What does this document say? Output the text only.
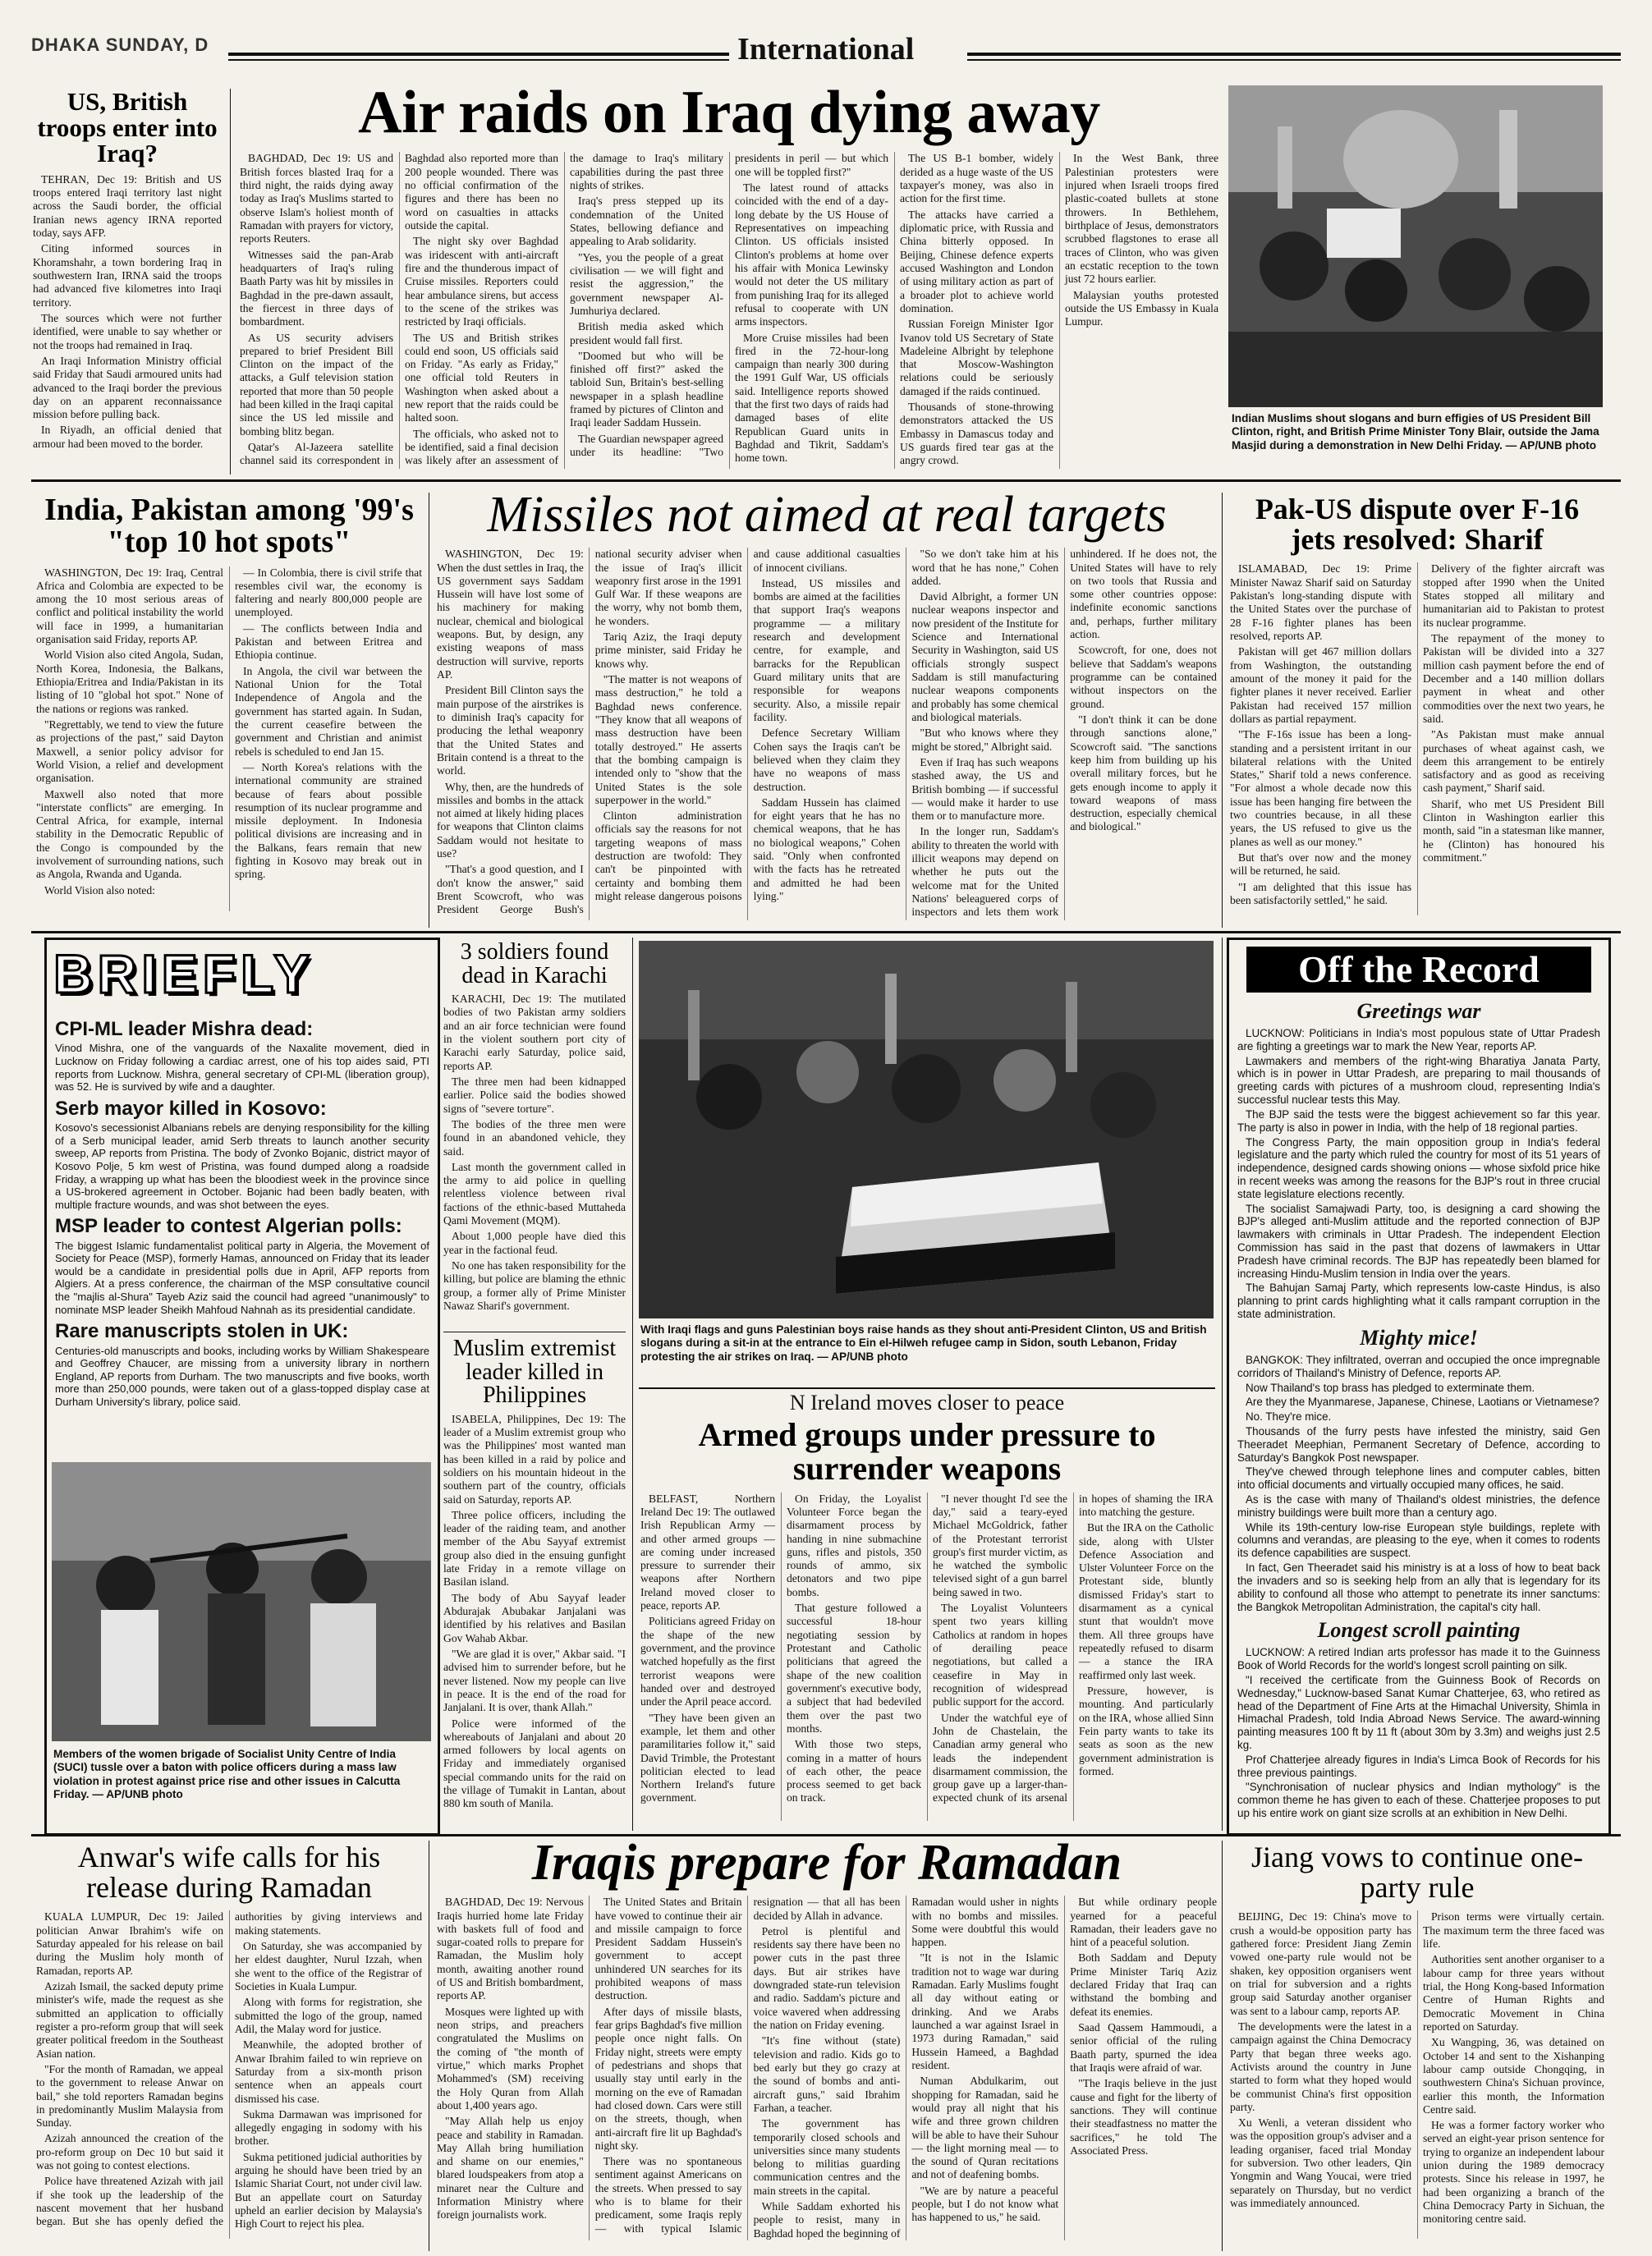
DHAKA SUNDAY, D	International
US, British troops enter into Iraq?

TEHRAN, Dec 19: British and US troops entered Iraqi territory last night across the Saudi border, the official Iranian news agency IRNA reported today, says AFP.

Citing informed sources in Khoramshahr, a town bordering Iraq in southwestern Iran, IRNA said the troops had advanced five kilometres into Iraqi territory.

The sources which were not further identified, were unable to say whether or not the troops had remained in Iraq.

An Iraqi Information Ministry official said Friday that Saudi armoured units had advanced to the Iraqi border the previous day on an apparent reconnaissance mission before pulling back.

In Riyadh, an official denied that armour had been moved to the border.

Air raids on Iraq dying away

BAGHDAD, Dec 19: US and British forces blasted Iraq for a third night, the raids dying away today as Iraq's Muslims started to observe Islam's holiest month of Ramadan with prayers for victory, reports Reuters.

Witnesses said the pan-Arab headquarters of Iraq's ruling Baath Party was hit by missiles in Baghdad in the pre-dawn assault, the fiercest in three days of bombardment.

As US security advisers prepared to brief President Bill Clinton on the impact of the attacks, a Gulf television station reported that more than 50 people had been killed in the Iraqi capital since the US led missile and bombing blitz began.

Qatar's Al-Jazeera satellite channel said its correspondent in Baghdad also reported more than 200 people wounded. There was no official confirmation of the figures and there has been no word on casualties in attacks outside the capital.

The night sky over Baghdad was iridescent with anti-aircraft fire and the thunderous impact of Cruise missiles. Reporters could hear ambulance sirens, but access to the scene of the strikes was restricted by Iraqi officials.

The US and British strikes could end soon, US officials said on Friday. "As early as Friday," one official told Reuters in Washington when asked about a new report that the raids could be halted soon.

The officials, who asked not to be identified, said a final decision was likely after an assessment of the damage to Iraq's military capabilities during the past three nights of strikes.

Iraq's press stepped up its condemnation of the United States, bellowing defiance and appealing to Arab solidarity.

"Yes, you the people of a great civilisation — we will fight and resist the aggression," the government newspaper Al-Jumhuriya declared.

British media asked which president would fall first.

"Doomed but who will be finished off first?" asked the tabloid Sun, Britain's best-selling newspaper in a splash headline framed by pictures of Clinton and Iraqi leader Saddam Hussein.

The Guardian newspaper agreed under its headline: "Two presidents in peril — but which one will be toppled first?"

The latest round of attacks coincided with the end of a day-long debate by the US House of Representatives on impeaching Clinton. US officials insisted Clinton's problems at home over his affair with Monica Lewinsky would not deter the US military from punishing Iraq for its alleged refusal to cooperate with UN arms inspectors.

More Cruise missiles had been fired in the 72-hour-long campaign than nearly 300 during the 1991 Gulf War, US officials said. Intelligence reports showed that the first two days of raids had damaged bases of elite Republican Guard units in Baghdad and Tikrit, Saddam's home town.

The US B-1 bomber, widely derided as a huge waste of the US taxpayer's money, was also in action for the first time.

The attacks have carried a diplomatic price, with Russia and China bitterly opposed. In Beijing, Chinese defence experts accused Washington and London of using military action as part of a broader plot to achieve world domination.

Russian Foreign Minister Igor Ivanov told US Secretary of State Madeleine Albright by telephone that Moscow-Washington relations could be seriously damaged if the raids continued.

Thousands of stone-throwing demonstrators attacked the US Embassy in Damascus today and US guards fired tear gas at the angry crowd.

In the West Bank, three Palestinian protesters were injured when Israeli troops fired plastic-coated bullets at stone throwers. In Bethlehem, birthplace of Jesus, demonstrators scrubbed flagstones to erase all traces of Clinton, who was given an ecstatic reception to the town just 72 hours earlier.

Malaysian youths protested outside the US Embassy in Kuala Lumpur.

Indian Muslims shout slogans and burn effigies of US President Bill Clinton, right, and British Prime Minister Tony Blair, outside the Jama Masjid during a demonstration in New Delhi Friday. — AP/UNB photo
India, Pakistan among '99's "top 10 hot spots"

WASHINGTON, Dec 19: Iraq, Central Africa and Colombia are expected to be among the 10 most serious areas of conflict and political instability the world will face in 1999, a humanitarian organisation said Friday, reports AP.

World Vision also cited Angola, Sudan, North Korea, Indonesia, the Balkans, Ethiopia/Eritrea and India/Pakistan in its listing of 10 "global hot spot." None of the nations or regions was ranked.

"Regrettably, we tend to view the future as projections of the past," said Dayton Maxwell, a senior policy advisor for World Vision, a relief and development organisation.

Maxwell also noted that more "interstate conflicts" are emerging. In Central Africa, for example, internal stability in the Democratic Republic of the Congo is compounded by the involvement of surrounding nations, such as Angola, Rwanda and Uganda.

World Vision also noted:

— In Colombia, there is civil strife that resembles civil war, the economy is faltering and nearly 800,000 people are unemployed.

— The conflicts between India and Pakistan and between Eritrea and Ethiopia continue.

In Angola, the civil war between the National Union for the Total Independence of Angola and the government has started again. In Sudan, the current ceasefire between the government and Christian and animist rebels is scheduled to end Jan 15.

— North Korea's relations with the international community are strained because of fears about possible resumption of its nuclear programme and missile deployment. In Indonesia political divisions are increasing and in the Balkans, fears remain that new fighting in Kosovo may break out in spring.

Missiles not aimed at real targets

WASHINGTON, Dec 19: When the dust settles in Iraq, the US government says Saddam Hussein will have lost some of his machinery for making nuclear, chemical and biological weapons. But, by design, any existing weapons of mass destruction will survive, reports AP.

President Bill Clinton says the main purpose of the airstrikes is to diminish Iraq's capacity for producing the lethal weaponry that the United States and Britain contend is a threat to the world.

Why, then, are the hundreds of missiles and bombs in the attack not aimed at likely hiding places for weapons that Clinton claims Saddam would not hesitate to use?

"That's a good question, and I don't know the answer," said Brent Scowcroft, who was President George Bush's national security adviser when the issue of Iraq's illicit weaponry first arose in the 1991 Gulf War. If these weapons are the worry, why not bomb them, he wonders.

Tariq Aziz, the Iraqi deputy prime minister, said Friday he knows why.

"The matter is not weapons of mass destruction," he told a Baghdad news conference. "They know that all weapons of mass destruction have been totally destroyed." He asserts that the bombing campaign is intended only to "show that the United States is the sole superpower in the world."

Clinton administration officials say the reasons for not targeting weapons of mass destruction are twofold: They can't be pinpointed with certainty and bombing them might release dangerous poisons and cause additional casualties of innocent civilians.

Instead, US missiles and bombs are aimed at the facilities that support Iraq's weapons programme — a military research and development centre, for example, and barracks for the Republican Guard military units that are responsible for weapons security. Also, a missile repair facility.

Defence Secretary William Cohen says the Iraqis can't be believed when they claim they have no weapons of mass destruction.

Saddam Hussein has claimed for eight years that he has no chemical weapons, that he has no biological weapons," Cohen said. "Only when confronted with the facts has he retreated and admitted he had been lying."

"So we don't take him at his word that he has none," Cohen added.

David Albright, a former UN nuclear weapons inspector and now president of the Institute for Science and International Security in Washington, said US officials strongly suspect Saddam is still manufacturing nuclear weapons components and probably has some chemical and biological materials.

"But who knows where they might be stored," Albright said.

Even if Iraq has such weapons stashed away, the US and British bombing — if successful — would make it harder to use them or to manufacture more.

In the longer run, Saddam's ability to threaten the world with illicit weapons may depend on whether he puts out the welcome mat for the United Nations' beleaguered corps of inspectors and lets them work unhindered. If he does not, the United States will have to rely on two tools that Russia and some other countries oppose: indefinite economic sanctions and, perhaps, further military action.

Scowcroft, for one, does not believe that Saddam's weapons programme can be contained without inspectors on the ground.

"I don't think it can be done through sanctions alone," Scowcroft said. "The sanctions keep him from building up his overall military forces, but he gets enough income to apply it toward weapons of mass destruction, especially chemical and biological."

Pak-US dispute over F-16 jets resolved: Sharif

ISLAMABAD, Dec 19: Prime Minister Nawaz Sharif said on Saturday Pakistan's long-standing dispute with the United States over the purchase of 28 F-16 fighter planes has been resolved, reports AP.

Pakistan will get 467 million dollars from Washington, the outstanding amount of the money it paid for the fighter planes it never received. Earlier Pakistan had received 157 million dollars as partial repayment.

"The F-16s issue has been a long-standing and a persistent irritant in our bilateral relations with the United States," Sharif told a news conference. "For almost a whole decade now this issue has been hanging fire between the two countries because, in all these years, the US refused to give us the planes as well as our money."

But that's over now and the money will be returned, he said.

"I am delighted that this issue has been satisfactorily settled," he said.

Delivery of the fighter aircraft was stopped after 1990 when the United States stopped all military and humanitarian aid to Pakistan to protest its nuclear programme.

The repayment of the money to Pakistan will be divided into a 327 million cash payment before the end of December and a 140 million dollars payment in wheat and other commodities over the next two years, he said.

"As Pakistan must make annual purchases of wheat against cash, we deem this arrangement to be entirely satisfactory and as good as receiving cash payment," Sharif said.

Sharif, who met US President Bill Clinton in Washington earlier this month, said "in a statesman like manner, he (Clinton) has honoured his commitment."

BRIEFLY
CPI-ML leader Mishra dead:
Vinod Mishra, one of the vanguards of the Naxalite movement, died in Lucknow on Friday following a cardiac arrest, one of his top aides said, PTI reports from Lucknow. Mishra, general secretary of CPI-ML (liberation group), was 52. He is survived by wife and a daughter.
Serb mayor killed in Kosovo:
Kosovo's secessionist Albanians rebels are denying responsibility for the killing of a Serb municipal leader, amid Serb threats to launch another security sweep, AP reports from Pristina. The body of Zvonko Bojanic, district mayor of Kosovo Polje, 5 km west of Pristina, was found dumped along a roadside Friday, a wrapping up what has been the bloodiest week in the province since a US-brokered agreement in October. Bojanic had been badly beaten, with multiple fracture wounds, and was shot between the eyes.
MSP leader to contest Algerian polls:
The biggest Islamic fundamentalist political party in Algeria, the Movement of Society for Peace (MSP), formerly Hamas, announced on Friday that its leader would be a candidate in presidential polls due in April, AFP reports from Algiers. At a press conference, the chairman of the MSP consultative council the "majlis al-Shura" Tayeb Aziz said the council had agreed "unanimously" to nominate MSP leader Sheikh Mahfoud Nahnah as its presidential candidate.
Rare manuscripts stolen in UK:
Centuries-old manuscripts and books, including works by William Shakespeare and Geoffrey Chaucer, are missing from a university library in northern England, AP reports from Durham. The two manuscripts and five books, worth more than 250,000 pounds, were taken out of a glass-topped display case at Durham University's library, police said.
Members of the women brigade of Socialist Unity Centre of India (SUCI) tussle over a baton with police officers during a mass law violation in protest against price rise and other issues in Calcutta Friday. — AP/UNB photo
3 soldiers found dead in Karachi

KARACHI, Dec 19: The mutilated bodies of two Pakistan army soldiers and an air force technician were found in the violent southern port city of Karachi early Saturday, police said, reports AP.

The three men had been kidnapped earlier. Police said the bodies showed signs of "severe torture".

The bodies of the three men were found in an abandoned vehicle, they said.

Last month the government called in the army to aid police in quelling relentless violence between rival factions of the ethnic-based Muttaheda Qami Movement (MQM).

About 1,000 people have died this year in the factional feud.

No one has taken responsibility for the killing, but police are blaming the ethnic group, a former ally of Prime Minister Nawaz Sharif's government.

Muslim extremist leader killed in Philippines

ISABELA, Philippines, Dec 19: The leader of a Muslim extremist group who was the Philippines' most wanted man has been killed in a raid by police and soldiers on his mountain hideout in the southern part of the country, officials said on Saturday, reports AP.

Three police officers, including the leader of the raiding team, and another member of the Abu Sayyaf extremist group also died in the ensuing gunfight late Friday in a remote village on Basilan island.

The body of Abu Sayyaf leader Abdurajak Abubakar Janjalani was identified by his relatives and Basilan Gov Wahab Akbar.

"We are glad it is over," Akbar said. "I advised him to surrender before, but he never listened. Now my people can live in peace. It is the end of the road for Janjalani. It is over, thank Allah."

Police were informed of the whereabouts of Janjalani and about 20 armed followers by local agents on Friday and immediately organised special commando units for the raid on the village of Tumakit in Lantan, about 880 km south of Manila.

With Iraqi flags and guns Palestinian boys raise hands as they shout anti-President Clinton, US and British slogans during a sit-in at the entrance to Ein el-Hilweh refugee camp in Sidon, south Lebanon, Friday protesting the air strikes on Iraq. — AP/UNB photo
N Ireland moves closer to peace
Armed groups under pressure to surrender weapons

BELFAST, Northern Ireland Dec 19: The outlawed Irish Republican Army — and other armed groups — are coming under increased pressure to surrender their weapons after Northern Ireland moved closer to peace, reports AP.

Politicians agreed Friday on the shape of the new government, and the province watched hopefully as the first terrorist weapons were handed over and destroyed under the April peace accord.

"They have been given an example, let them and other paramilitaries follow it," said David Trimble, the Protestant politician elected to lead Northern Ireland's future government.

On Friday, the Loyalist Volunteer Force began the disarmament process by handing in nine submachine guns, rifles and pistols, 350 rounds of ammo, six detonators and two pipe bombs.

That gesture followed a successful 18-hour negotiating session by Protestant and Catholic politicians that agreed the shape of the new coalition government's executive body, a subject that had bedeviled them over the past two months.

With those two steps, coming in a matter of hours of each other, the peace process seemed to get back on track.

"I never thought I'd see the day," said a teary-eyed Michael McGoldrick, father of the Protestant terrorist group's first murder victim, as he watched the symbolic televised sight of a gun barrel being sawed in two.

The Loyalist Volunteers spent two years killing Catholics at random in hopes of derailing peace negotiations, but called a ceasefire in May in recognition of widespread public support for the accord.

Under the watchful eye of John de Chastelain, the Canadian army general who leads the independent disarmament commission, the group gave up a larger-than-expected chunk of its arsenal in hopes of shaming the IRA into matching the gesture.

But the IRA on the Catholic side, along with Ulster Defence Association and Ulster Volunteer Force on the Protestant side, bluntly dismissed Friday's start to disarmament as a cynical stunt that wouldn't move them. All three groups have repeatedly refused to disarm — a stance the IRA reaffirmed only last week.

Pressure, however, is mounting. And particularly on the IRA, whose allied Sinn Fein party wants to take its seats as soon as the new government administration is formed.

Off the Record
Greetings war

LUCKNOW: Politicians in India's most populous state of Uttar Pradesh are fighting a greetings war to mark the New Year, reports AP.

Lawmakers and members of the right-wing Bharatiya Janata Party, which is in power in Uttar Pradesh, are preparing to mail thousands of greeting cards with pictures of a mushroom cloud, representing India's successful nuclear tests this May.

The BJP said the tests were the biggest achievement so far this year. The party is also in power in India, with the help of 18 regional parties.

The Congress Party, the main opposition group in India's federal legislature and the party which ruled the country for most of its 51 years of independence, designed cards showing onions — whose sixfold price hike in recent weeks was among the reasons for the BJP's rout in three crucial state legislature elections recently.

The socialist Samajwadi Party, too, is designing a card showing the BJP's alleged anti-Muslim attitude and the reported connection of BJP lawmakers with criminals in Uttar Pradesh. The independent Election Commission has said in the past that dozens of lawmakers in Uttar Pradesh have criminal records. The BJP has repeatedly been blamed for increasing Hindu-Muslim tension in India over the years.

The Bahujan Samaj Party, which represents low-caste Hindus, is also planning to print cards highlighting what it calls rampant corruption in the state administration.

Mighty mice!

BANGKOK: They infiltrated, overran and occupied the once impregnable corridors of Thailand's Ministry of Defence, reports AP.

Now Thailand's top brass has pledged to exterminate them.

Are they the Myanmarese, Japanese, Chinese, Laotians or Vietnamese?

No. They're mice.

Thousands of the furry pests have infested the ministry, said Gen Theeradet Meephian, Permanent Secretary of Defence, according to Saturday's Bangkok Post newspaper.

They've chewed through telephone lines and computer cables, bitten into official documents and virtually occupied many offices, he said.

As is the case with many of Thailand's oldest ministries, the defence ministry buildings were built more than a century ago.

While its 19th-century low-rise European style buildings, replete with columns and verandas, are pleasing to the eye, when it comes to rodents its defence capabilities are suspect.

In fact, Gen Theeradet said his ministry is at a loss of how to beat back the invaders and so is seeking help from an ally that is legendary for its ability to confound all those who attempt to penetrate its inner sanctums: the Bangkok Metropolitan Administration, the capital's city hall.

Longest scroll painting

LUCKNOW: A retired Indian arts professor has made it to the Guinness Book of World Records for the world's longest scroll painting on silk.

"I received the certificate from the Guinness Book of Records on Wednesday," Lucknow-based Sanat Kumar Chatterjee, 63, who retired as head of the Department of Fine Arts at the Himachal University, Shimla in Himachal Pradesh, told India Abroad News Service. The award-winning painting measures 100 ft by 11 ft (about 30m by 3.3m) and weighs just 2.5 kg.

Prof Chatterjee already figures in India's Limca Book of Records for his three previous paintings.

"Synchronisation of nuclear physics and Indian mythology" is the common theme he has given to each of these. Chatterjee proposes to put up his entire work on giant size scrolls at an exhibition in New Delhi.

Anwar's wife calls for his release during Ramadan

KUALA LUMPUR, Dec 19: Jailed politician Anwar Ibrahim's wife on Saturday appealed for his release on bail during the Muslim holy month of Ramadan, reports AP.

Azizah Ismail, the sacked deputy prime minister's wife, made the request as she submitted an application to officially register a pro-reform group that will seek greater political freedom in the Southeast Asian nation.

"For the month of Ramadan, we appeal to the government to release Anwar on bail," she told reporters Ramadan begins in predominantly Muslim Malaysia from Sunday.

Azizah announced the creation of the pro-reform group on Dec 10 but said it was not going to contest elections.

Police have threatened Azizah with jail if she took up the leadership of the nascent movement that her husband began. But she has openly defied the authorities by giving interviews and making statements.

On Saturday, she was accompanied by her eldest daughter, Nurul Izzah, when she went to the office of the Registrar of Societies in Kuala Lumpur.

Along with forms for registration, she submitted the logo of the group, named Adil, the Malay word for justice.

Meanwhile, the adopted brother of Anwar Ibrahim failed to win reprieve on Saturday from a six-month prison sentence when an appeals court dismissed his case.

Sukma Darmawan was imprisoned for allegedly engaging in sodomy with his brother.

Sukma petitioned judicial authorities by arguing he should have been tried by an Islamic Shariat Court, not under civil law. But an appellate court on Saturday upheld an earlier decision by Malaysia's High Court to reject his plea.

Iraqis prepare for Ramadan

BAGHDAD, Dec 19: Nervous Iraqis hurried home late Friday with baskets full of food and sugar-coated rolls to prepare for Ramadan, the Muslim holy month, awaiting another round of US and British bombardment, reports AP.

Mosques were lighted up with neon strips, and preachers congratulated the Muslims on the coming of "the month of virtue," which marks Prophet Mohammed's (SM) receiving the Holy Quran from Allah about 1,400 years ago.

"May Allah help us enjoy peace and stability in Ramadan. May Allah bring humiliation and shame on our enemies," blared loudspeakers from atop a minaret near the Culture and Information Ministry where foreign journalists work.

The United States and Britain have vowed to continue their air and missile campaign to force President Saddam Hussein's government to accept unhindered UN searches for its prohibited weapons of mass destruction.

After days of missile blasts, fear grips Baghdad's five million people once night falls. On Friday night, streets were empty of pedestrians and shops that usually stay until early in the morning on the eve of Ramadan had closed down. Cars were still on the streets, though, when anti-aircraft fire lit up Baghdad's night sky.

There was no spontaneous sentiment against Americans on the streets. When pressed to say who is to blame for their predicament, some Iraqis reply — with typical Islamic resignation — that all has been decided by Allah in advance.

Petrol is plentiful and residents say there have been no power cuts in the past three days. But air strikes have downgraded state-run television and radio. Saddam's picture and voice wavered when addressing the nation on Friday evening.

"It's fine without (state) television and radio. Kids go to bed early but they go crazy at the sound of bombs and anti-aircraft guns," said Ibrahim Farhan, a teacher.

The government has temporarily closed schools and universities since many students belong to militias guarding communication centres and the main streets in the capital.

While Saddam exhorted his people to resist, many in Baghdad hoped the beginning of Ramadan would usher in nights with no bombs and missiles. Some were doubtful this would happen.

"It is not in the Islamic tradition not to wage war during Ramadan. Early Muslims fought all day without eating or drinking. And we Arabs launched a war against Israel in 1973 during Ramadan," said Hussein Hameed, a Baghdad resident.

Numan Abdulkarim, out shopping for Ramadan, said he would pray all night that his wife and three grown children will be able to have their Suhour — the light morning meal — to the sound of Quran recitations and not of deafening bombs.

"We are by nature a peaceful people, but I do not know what has happened to us," he said.

But while ordinary people yearned for a peaceful Ramadan, their leaders gave no hint of a peaceful solution.

Both Saddam and Deputy Prime Minister Tariq Aziz declared Friday that Iraq can withstand the bombing and defeat its enemies.

Saad Qassem Hammoudi, a senior official of the ruling Baath party, spurned the idea that Iraqis were afraid of war.

"The Iraqis believe in the just cause and fight for the liberty of sanctions. They will continue their steadfastness no matter the sacrifices," he told The Associated Press.

Jiang vows to continue one-party rule

BEIJING, Dec 19: China's move to crush a would-be opposition party has gathered force: President Jiang Zemin vowed one-party rule would not be shaken, key opposition organisers went on trial for subversion and a rights group said Saturday another organiser was sent to a labour camp, reports AP.

The developments were the latest in a campaign against the China Democracy Party that began three weeks ago. Activists around the country in June started to form what they hoped would be communist China's first opposition party.

Xu Wenli, a veteran dissident who was the opposition group's adviser and a leading organiser, faced trial Monday for subversion. Two other leaders, Qin Yongmin and Wang Youcai, were tried separately on Thursday, but no verdict was immediately announced.

Prison terms were virtually certain. The maximum term the three faced was life.

Authorities sent another organiser to a labour camp for three years without trial, the Hong Kong-based Information Centre of Human Rights and Democratic Movement in China reported on Saturday.

Xu Wangping, 36, was detained on October 14 and sent to the Xishanping labour camp outside Chongqing, in southwestern China's Sichuan province, earlier this month, the Information Centre said.

He was a former factory worker who served an eight-year prison sentence for trying to organize an independent labour union during the 1989 democracy protests. Since his release in 1997, he had been organizing a branch of the China Democracy Party in Sichuan, the monitoring centre said.
